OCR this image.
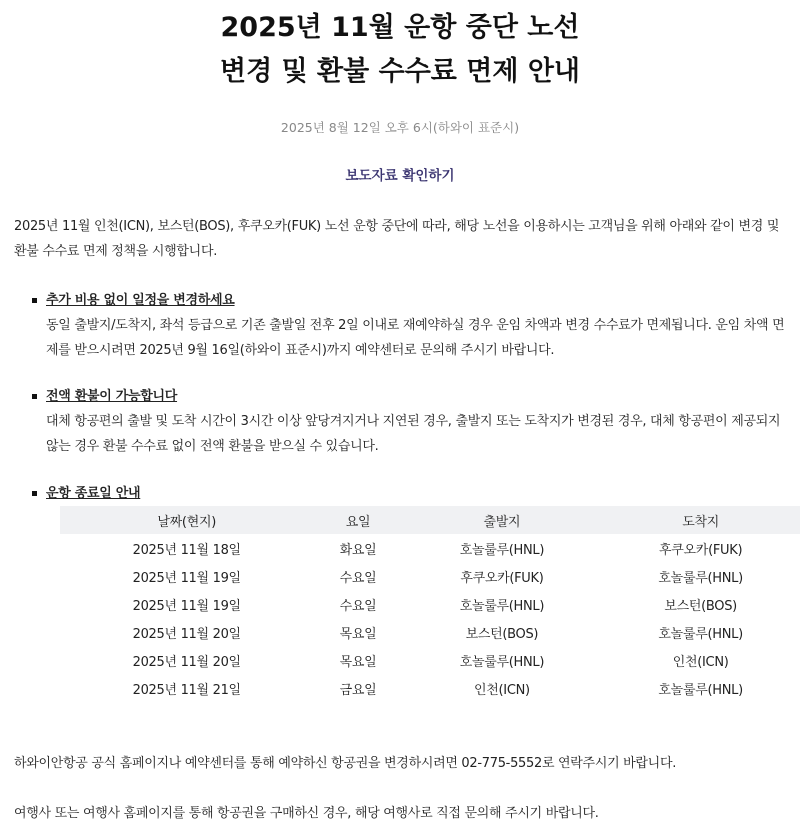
2025년 11월 운항 중단 노선
변경 및 환불 수수료 면제 안내
2025년 8월 12일 오후 6시(하와이 표준시)
보도자료 확인하기
2025년 11월 인천(ICN), 보스턴(BOS), 후쿠오카(FUK) 노선 운항 중단에 따라, 해당 노선을 이용하시는 고객님을 위해 아래와 같이 변경 및 환불 수수료 면제 정책을 시행합니다.
추가 비용 없이 일정을 변경하세요
동일 출발지/도착지, 좌석 등급으로 기존 출발일 전후 2일 이내로 재예약하실 경우 운임 차액과 변경 수수료가 면제됩니다. 운임 차액 면제를 받으시려면 2025년 9월 16일(하와이 표준시)까지 예약센터로 문의해 주시기 바랍니다.
전액 환불이 가능합니다
대체 항공편의 출발 및 도착 시간이 3시간 이상 앞당겨지거나 지연된 경우, 출발지 또는 도착지가 변경된 경우, 대체 항공편이 제공되지 않는 경우 환불 수수료 없이 전액 환불을 받으실 수 있습니다.
운항 종료일 안내
날짜(현지)	요일	출발지	도착지
2025년 11월 18일	화요일	호놀룰루(HNL)	후쿠오카(FUK)
2025년 11월 19일	수요일	후쿠오카(FUK)	호놀룰루(HNL)
2025년 11월 19일	수요일	호놀룰루(HNL)	보스턴(BOS)
2025년 11월 20일	목요일	보스턴(BOS)	호놀룰루(HNL)
2025년 11월 20일	목요일	호놀룰루(HNL)	인천(ICN)
2025년 11월 21일	금요일	인천(ICN)	호놀룰루(HNL)
하와이안항공 공식 홈페이지나 예약센터를 통해 예약하신 항공권을 변경하시려면 02-775-5552로 연락주시기 바랍니다.
여행사 또는 여행사 홈페이지를 통해 항공권을 구매하신 경우, 해당 여행사로 직접 문의해 주시기 바랍니다.
